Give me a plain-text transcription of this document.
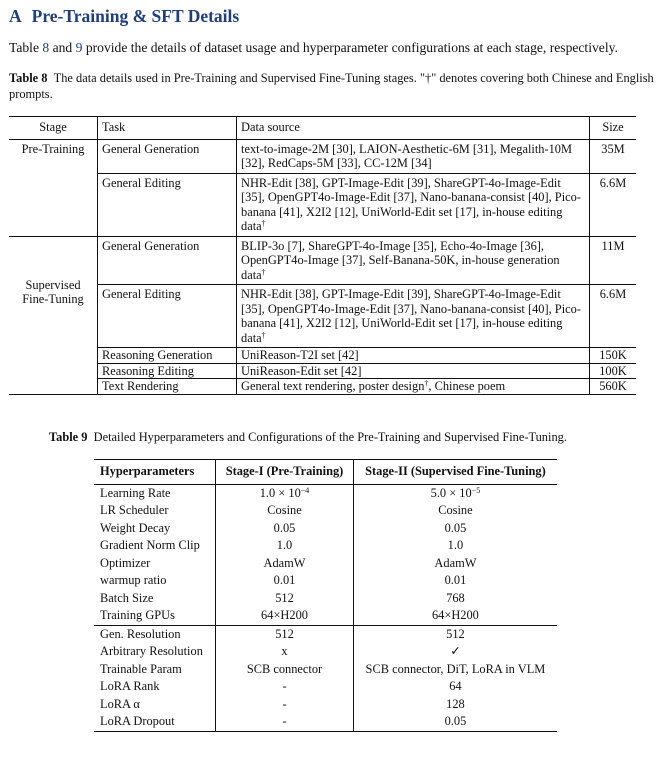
A Pre-Training & SFT Details
Table 8 and 9 provide the details of dataset usage and hyperparameter configurations at each stage, respectively.
Table 8 The data details used in Pre-Training and Supervised Fine-Tuning stages. "†" denotes covering both Chinese and English prompts.
Stage	Task	Data source	Size
Pre-Training	General Generation	text-to-image-2M [30], LAION-Aesthetic-6M [31], Megalith-10M [32], RedCaps-5M [33], CC-12M [34]	35M
	General Editing	NHR-Edit [38], GPT-Image-Edit [39], ShareGPT-4o-Image-Edit [35], OpenGPT4o-Image-Edit [37], Nano-banana-consist [40], Pico-banana [41], X2I2 [12], UniWorld-Edit set [17], in-house editing data†	6.6M
Supervised
Fine-Tuning	General Generation	BLIP-3o [7], ShareGPT-4o-Image [35], Echo-4o-Image [36], OpenGPT4o-Image [37], Self-Banana-50K, in-house generation data†	11M
	General Editing	NHR-Edit [38], GPT-Image-Edit [39], ShareGPT-4o-Image-Edit [35], OpenGPT4o-Image-Edit [37], Nano-banana-consist [40], Pico-banana [41], X2I2 [12], UniWorld-Edit set [17], in-house editing data†	6.6M
	Reasoning Generation	UniReason-T2I set [42]	150K
	Reasoning Editing	UniReason-Edit set [42]	100K
	Text Rendering	General text rendering, poster design†, Chinese poem	560K
Table 9 Detailed Hyperparameters and Configurations of the Pre-Training and Supervised Fine-Tuning.
Hyperparameters	Stage-I (Pre-Training)	Stage-II (Supervised Fine-Tuning)
Learning Rate	$1.0 \times 10^{-4}$	$5.0 \times 10^{-5}$
LR Scheduler	Cosine	Cosine
Weight Decay	0.05	0.05
Gradient Norm Clip	1.0	1.0
Optimizer	AdamW	AdamW
warmup ratio	0.01	0.01
Batch Size	512	768
Training GPUs	64×H200	64×H200
Gen. Resolution	512	512
Arbitrary Resolution	x	✓
Trainable Param	SCB connector	SCB connector, DiT, LoRA in VLM
LoRA Rank	-	64
LoRA α	-	128
LoRA Dropout	-	0.05
